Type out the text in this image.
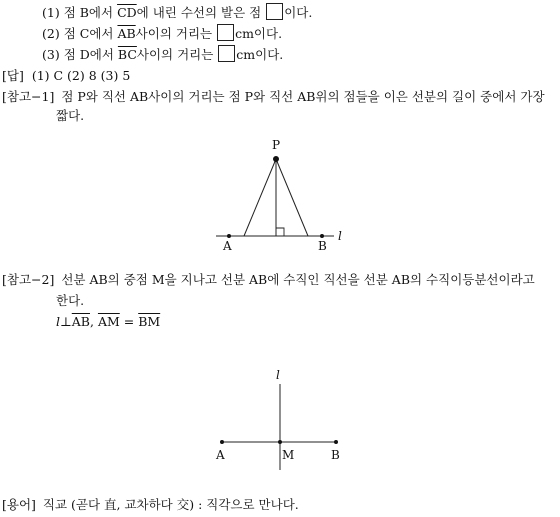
(1) 점 B에서 $\overline{CD}$에 내린 수선의 발은 점 이다.
(2) 점 C에서 $\overline{AB}$사이의 거리는 cm이다.
(3) 점 D에서 $\overline{BC}$사이의 거리는 cm이다.
[답] (1) C (2) 8 (3) 5
[참고−1] 점 P와 직선 AB사이의 거리는 점 P와 직선 AB위의 점들을 이은 선분의 길이 중에서 가장
짧다.
P
A	B
l
[참고−2] 선분 AB의 중점 M을 지나고 선분 AB에 수직인 직선을 선분 AB의 수직이등분선이라고
한다.
$l\perp\overline{AB}$, $\overline{AM} = \overline{BM}$
l
A	M	B
[용어] 직교 (곧다 直, 교차하다 交) : 직각으로 만나다.
